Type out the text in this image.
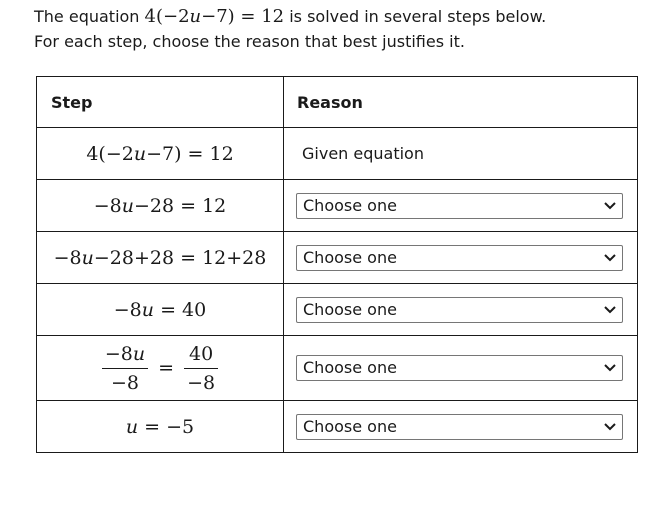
The equation 4(−2u−7) = 12 is solved in several steps below.
For each step, choose the reason that best justifies it.
Step	Reason
4(−2u−7) = 12	Given equation
−8u−28 = 12	Choose one

−8u−28+28 = 12+28	Choose one

−8u = 40	Choose one

$\frac{-8u}{-8} = \frac{40}{-8}$	Choose one

u = −5	Choose one
